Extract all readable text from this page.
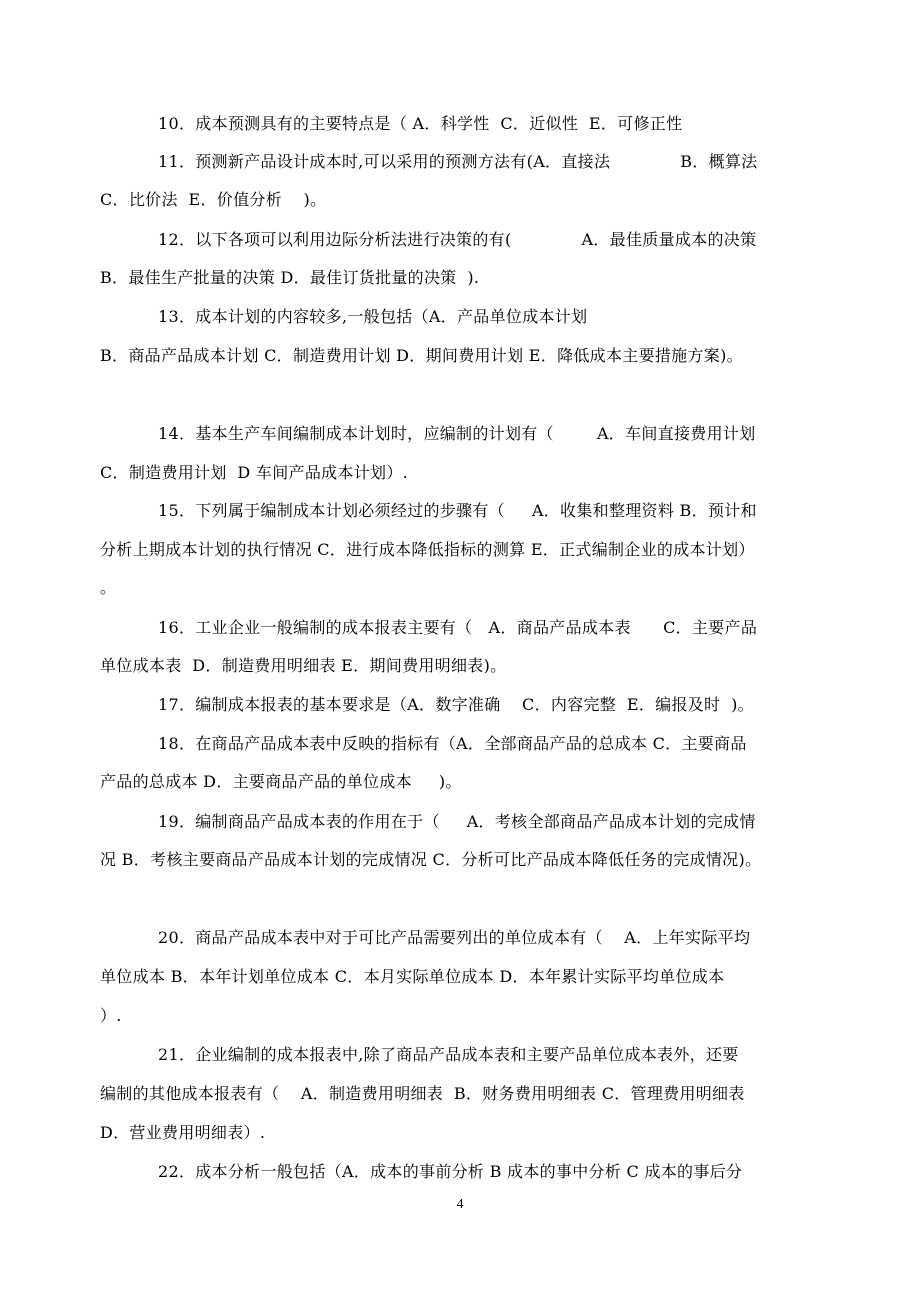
10．成本预测具有的主要特点是（ A．科学性  C．近似性  E．可修正性
11．预测新产品设计成本时,可以采用的预测方法有(A．直接法             B．概算法
C．比价法  E．价值分析    )。
12．以下各项可以利用边际分析法进行决策的有(             A．最佳质量成本的决策
B．最佳生产批量的决策 D．最佳订货批量的决策  ).
13．成本计划的内容较多,一般包括（A．产品单位成本计划
B．商品产品成本计划 C．制造费用计划 D．期间费用计划 E．降低成本主要措施方案)。
14．基本生产车间编制成本计划时，应编制的计划有（        A．车间直接费用计划
C．制造费用计划  D 车间产品成本计划）.
15．下列属于编制成本计划必须经过的步骤有（     A．收集和整理资料 B．预计和
分析上期成本计划的执行情况 C．进行成本降低指标的测算 E．正式编制企业的成本计划）
。
16．工业企业一般编制的成本报表主要有（   A．商品产品成本表      C．主要产品
单位成本表  D．制造费用明细表 E．期间费用明细表)。
17．编制成本报表的基本要求是（A．数字准确    C．内容完整  E．编报及时  )。
18．在商品产品成本表中反映的指标有（A．全部商品产品的总成本 C．主要商品
产品的总成本 D．主要商品产品的单位成本     )。
19．编制商品产品成本表的作用在于（     A．考核全部商品产品成本计划的完成情
况 B．考核主要商品产品成本计划的完成情况 C．分析可比产品成本降低任务的完成情况)。
20．商品产品成本表中对于可比产品需要列出的单位成本有（    A．上年实际平均
单位成本 B．本年计划单位成本 C．本月实际单位成本 D．本年累计实际平均单位成本
）.
21．企业编制的成本报表中,除了商品产品成本表和主要产品单位成本表外，还要
编制的其他成本报表有（    A．制造费用明细表  B．财务费用明细表 C．管理费用明细表
D．营业费用明细表）.
22．成本分析一般包括（A．成本的事前分析 B 成本的事中分析 C 成本的事后分
4
